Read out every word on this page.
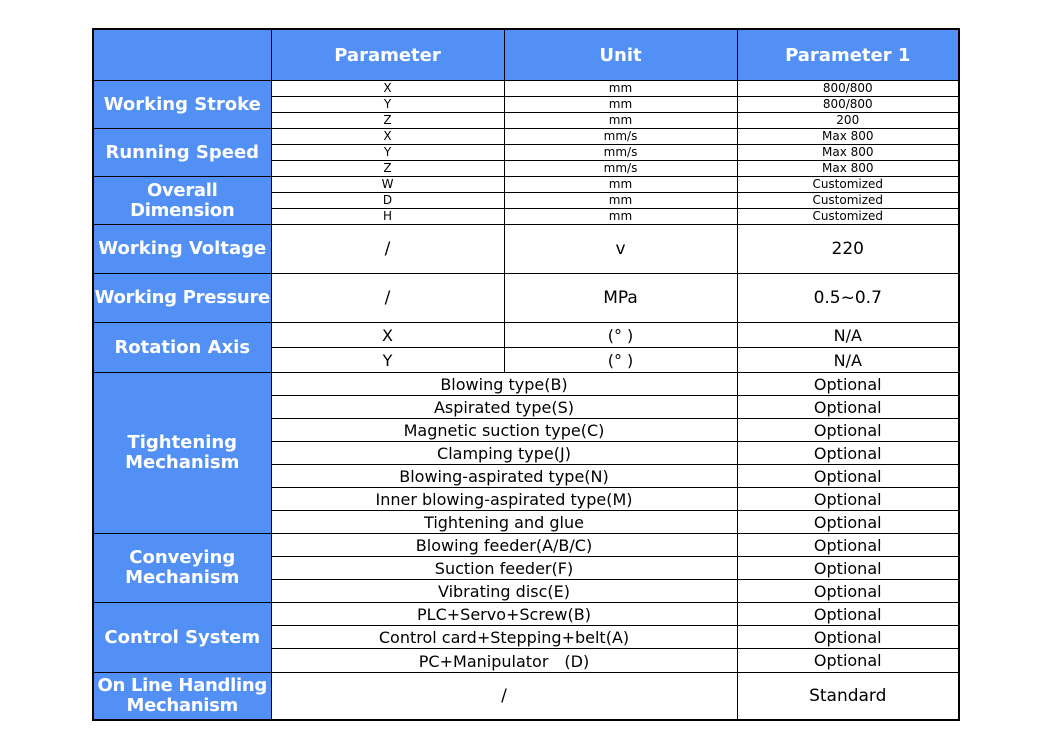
	Parameter	Unit	Parameter 1
Working Stroke	X	mm	800/800
	Y	mm	800/800
	Z	mm	200
Running Speed	X	mm/s	Max 800
	Y	mm/s	Max 800
	Z	mm/s	Max 800
Overall Dimension	W	mm	Customized
	D	mm	Customized
	H	mm	Customized
Working Voltage	/	v	220
Working Pressure	/	MPa	0.5~0.7
Rotation Axis	X	(° )	N/A
	Y	(° )	N/A
Tightening Mechanism	Blowing type(B)		Optional
	Aspirated type(S)		Optional
	Magnetic suction type(C)		Optional
	Clamping type(J)		Optional
	Blowing-aspirated type(N)		Optional
	Inner blowing-aspirated type(M)		Optional
	Tightening and glue		Optional
Conveying Mechanism	Blowing feeder(A/B/C)		Optional
	Suction feeder(F)		Optional
	Vibrating disc(E)		Optional
Control System	PLC+Servo+Screw(B)		Optional
	Control card+Stepping+belt(A)		Optional
	PC+Manipulator　(D)		Optional
On Line Handling Mechanism	/		Standard
